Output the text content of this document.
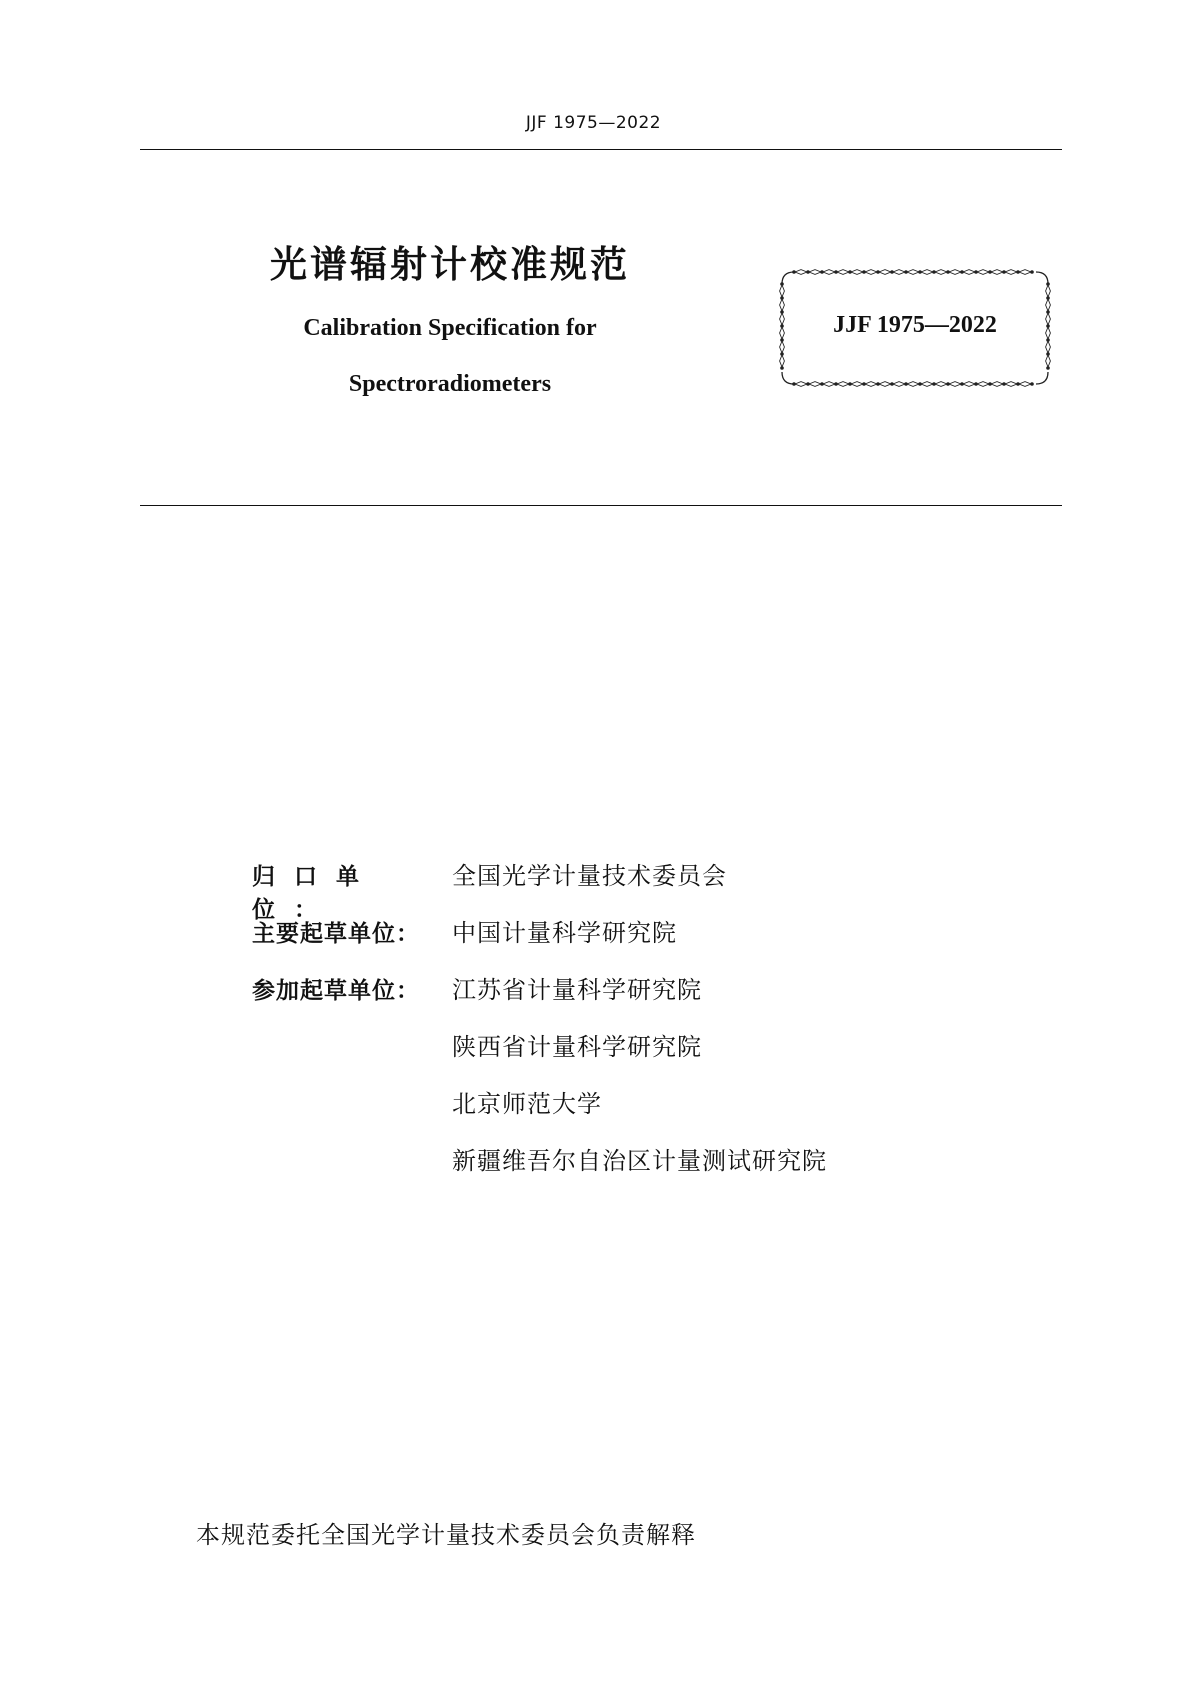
JJF 1975—2022
光谱辐射计校准规范
Calibration Specification for
Spectroradiometers
JJF 1975—2022
归口单位：
全国光学计量技术委员会
主要起草单位：	中国计量科学研究院
参加起草单位：	江苏省计量科学研究院
陕西省计量科学研究院
北京师范大学
新疆维吾尔自治区计量测试研究院
本规范委托全国光学计量技术委员会负责解释
